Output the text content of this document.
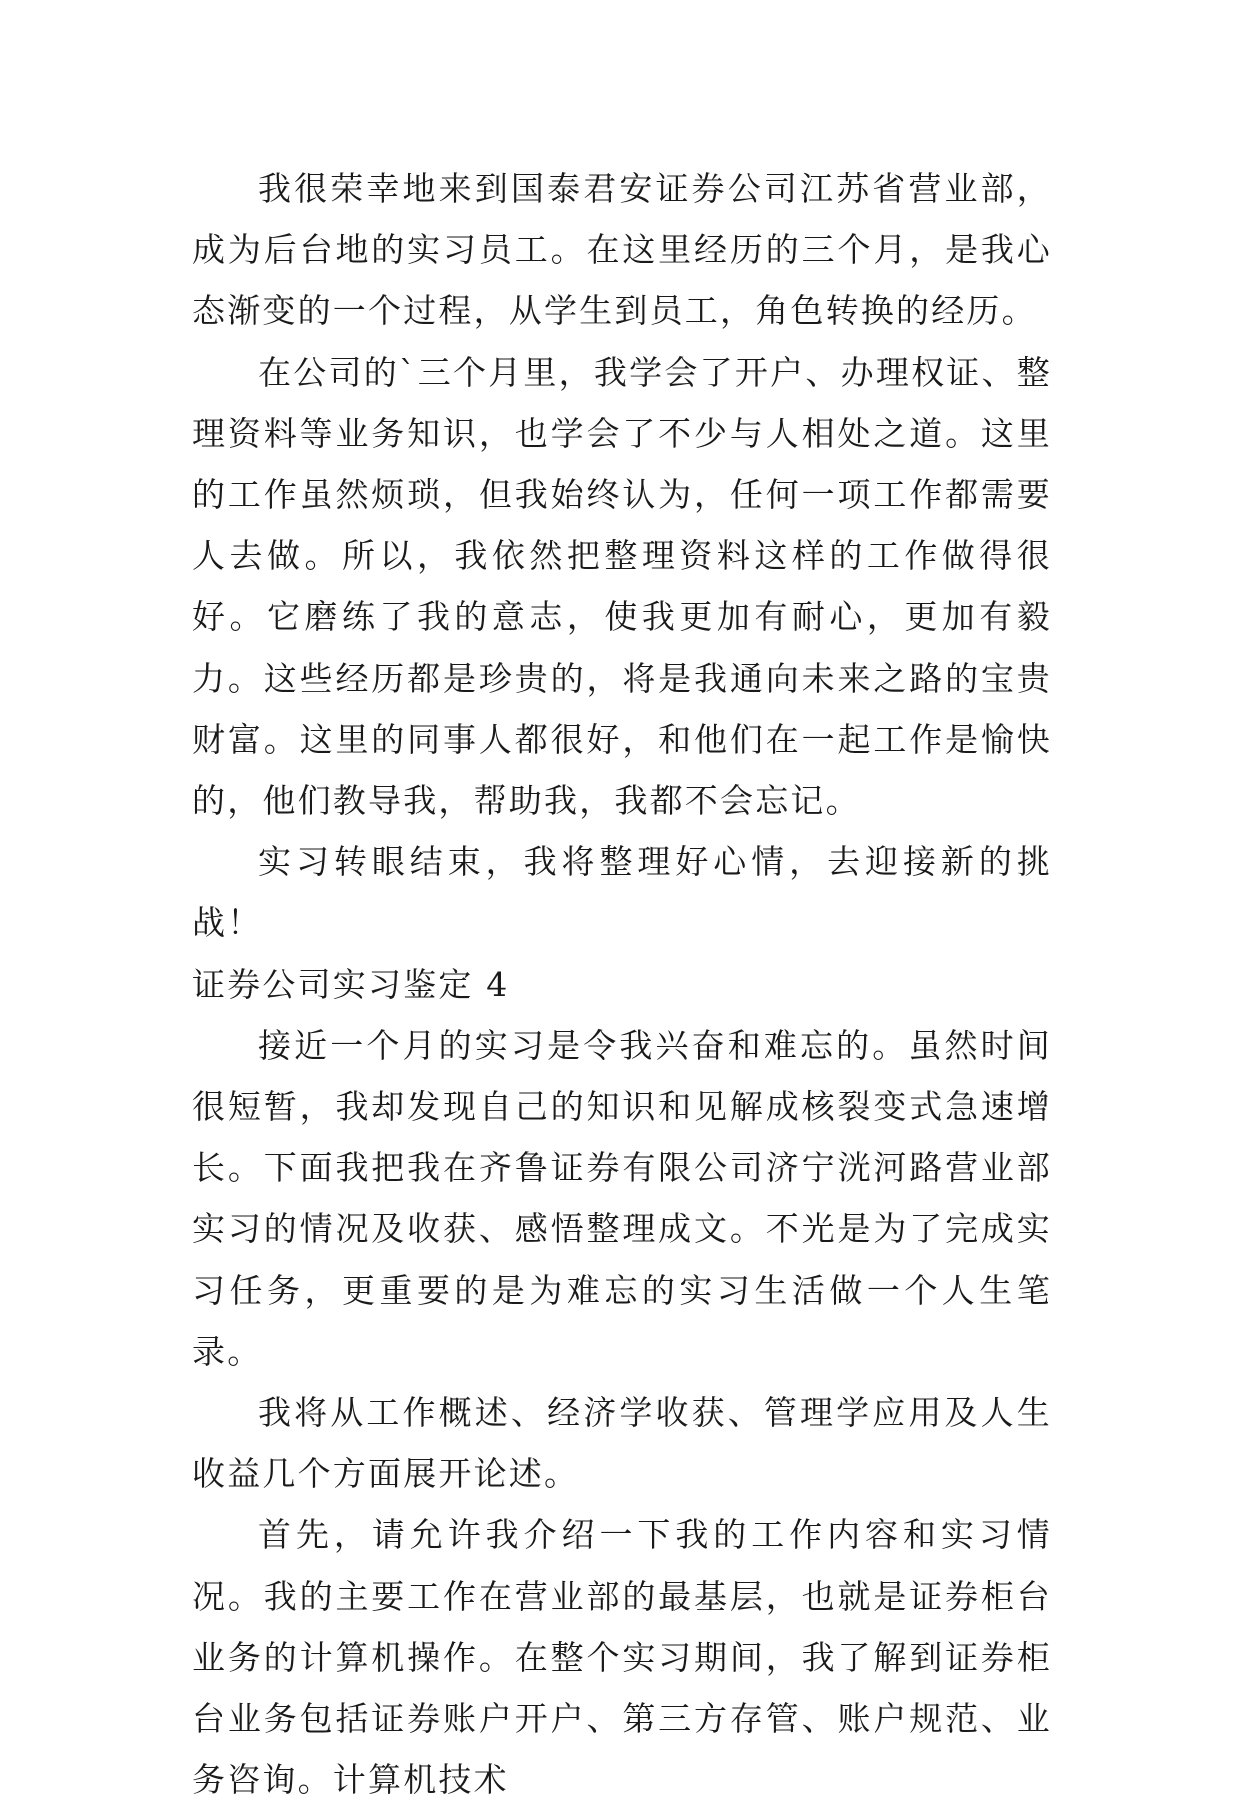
我很荣幸地来到国泰君安证券公司江苏省营业部，成为后台地的实习员工。在这里经历的三个月，是我心态渐变的一个过程，从学生到员工，角色转换的经历。

在公司的`三个月里，我学会了开户、办理权证、整理资料等业务知识，也学会了不少与人相处之道。这里的工作虽然烦琐，但我始终认为，任何一项工作都需要人去做。所以，我依然把整理资料这样的工作做得很好。它磨练了我的意志，使我更加有耐心，更加有毅力。这些经历都是珍贵的，将是我通向未来之路的宝贵财富。这里的同事人都很好，和他们在一起工作是愉快的，他们教导我，帮助我，我都不会忘记。

实习转眼结束，我将整理好心情，去迎接新的挑战！

证券公司实习鉴定 4

接近一个月的实习是令我兴奋和难忘的。虽然时间很短暂，我却发现自己的知识和见解成核裂变式急速增长。下面我把我在齐鲁证券有限公司济宁洸河路营业部实习的情况及收获、感悟整理成文。不光是为了完成实习任务，更重要的是为难忘的实习生活做一个人生笔录。

我将从工作概述、经济学收获、管理学应用及人生收益几个方面展开论述。

首先，请允许我介绍一下我的工作内容和实习情况。我的主要工作在营业部的最基层，也就是证券柜台业务的计算机操作。在整个实习期间，我了解到证券柜台业务包括证券账户开户、第三方存管、账户规范、业务咨询。计算机技术
